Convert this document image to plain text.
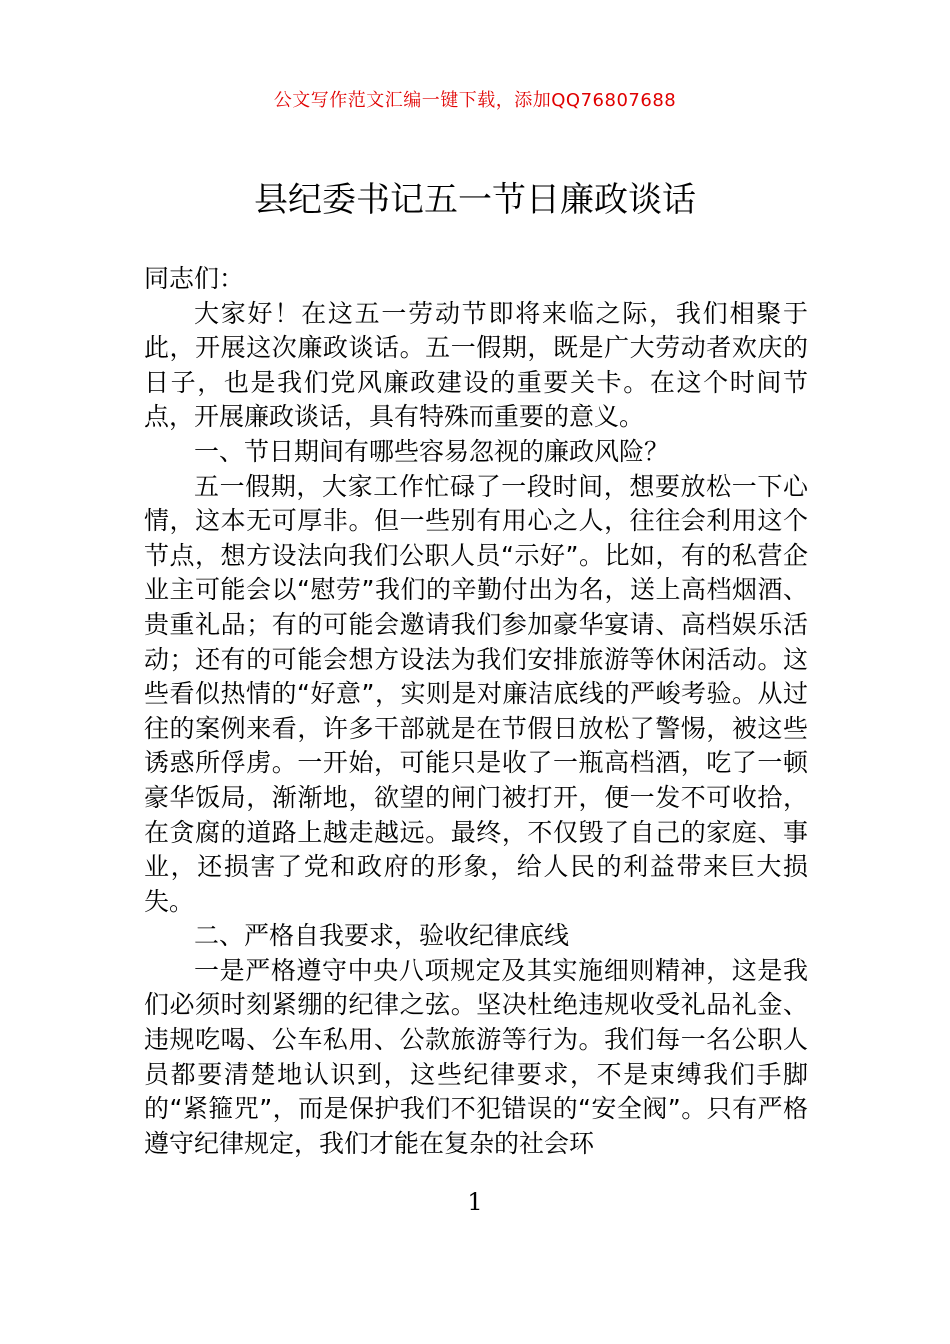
公文写作范文汇编一键下载，添加QQ76807688
县纪委书记五一节日廉政谈话

同志们：

大家好！在这五一劳动节即将来临之际，我们相聚于此，开展这次廉政谈话。五一假期，既是广大劳动者欢庆的日子，也是我们党风廉政建设的重要关卡。在这个时间节点，开展廉政谈话，具有特殊而重要的意义。

一、节日期间有哪些容易忽视的廉政风险？

五一假期，大家工作忙碌了一段时间，想要放松一下心情，这本无可厚非。但一些别有用心之人，往往会利用这个节点，想方设法向我们公职人员“示好”。比如，有的私营企业主可能会以“慰劳”我们的辛勤付出为名，送上高档烟酒、贵重礼品；有的可能会邀请我们参加豪华宴请、高档娱乐活动；还有的可能会想方设法为我们安排旅游等休闲活动。这些看似热情的“好意”，实则是对廉洁底线的严峻考验。从过往的案例来看，许多干部就是在节假日放松了警惕，被这些诱惑所俘虏。一开始，可能只是收了一瓶高档酒，吃了一顿豪华饭局，渐渐地，欲望的闸门被打开，便一发不可收拾，在贪腐的道路上越走越远。最终，不仅毁了自己的家庭、事业，还损害了党和政府的形象，给人民的利益带来巨大损失。

二、严格自我要求，验收纪律底线

一是严格遵守中央八项规定及其实施细则精神，这是我们必须时刻紧绷的纪律之弦。坚决杜绝违规收受礼品礼金、违规吃喝、公车私用、公款旅游等行为。我们每一名公职人员都要清楚地认识到，这些纪律要求，不是束缚我们手脚的“紧箍咒”，而是保护我们不犯错误的“安全阀”。只有严格遵守纪律规定，我们才能在复杂的社会环

1
